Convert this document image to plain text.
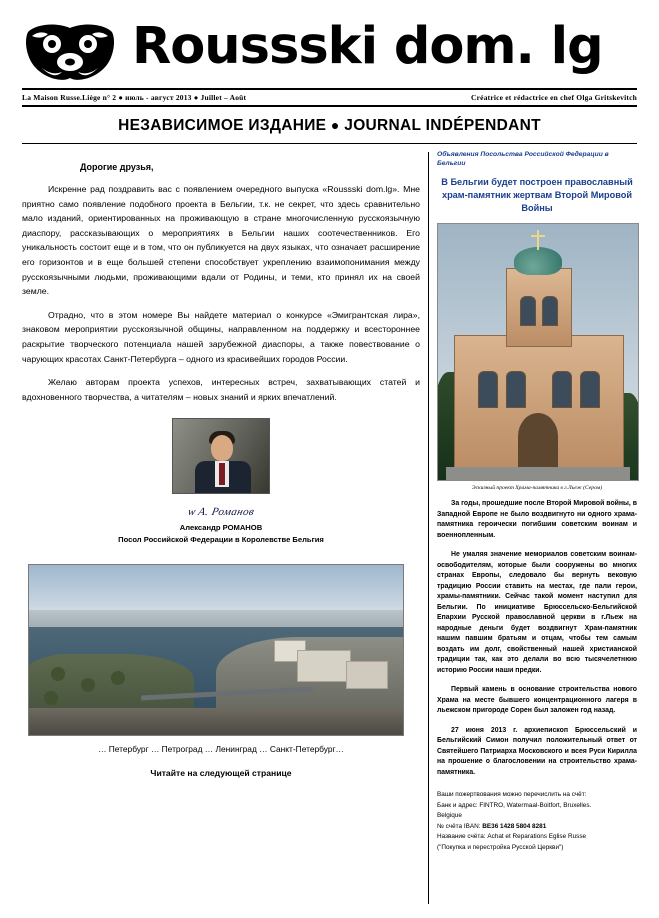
Roussski dom. lg
La Maison Russe.Liège n° 2 ● июль - август 2013 ● Juillet – Août	Créatrice et rédactrice en chef Olga Gritskevitch
НЕЗАВИСИМОЕ ИЗДАНИЕ ● JOURNAL INDÉPENDANT
Дорогие друзья,

Искренне рад поздравить вас с появлением очередного выпуска «Roussski dom.lg». Мне приятно само появление подобного проекта в Бельгии, т.к. не секрет, что здесь сравнительно мало изданий, ориентированных на проживающую в стране многочисленную русскоязычную диаспору, рассказывающих о мероприятиях в Бельгии наших соотечественников. Его уникальность состоит еще и в том, что он публикуется на двух языках, что означает расширение его горизонтов и в еще большей степени способствует укреплению взаимопонимания между русскоязычными людьми, проживающими вдали от Родины, и теми, кто принял их на своей земле.

Отрадно, что в этом номере Вы найдете материал о конкурсе «Эмигрантская лира», знаковом мероприятии русскоязычной общины, направленном на поддержку и всестороннее раскрытие творческого потенциала нашей зарубежной диаспоры, а также повествование о чарующих красотах Санкт-Петербурга – одного из красивейших городов России.

Желаю авторам проекта успехов, интересных встреч, захватывающих статей и вдохновенного творчества, а читателям – новых знаний и ярких впечатлений.

w  А. Романов
Александр РОМАНОВ
Посол Российской Федерации в Королевстве Бельгия
… Петербург … Петроград … Ленинград … Санкт-Петербург…
Читайте на следующей странице
Объявления Посольства Российской Федерации в Бельгии
В Бельгии будет построен православный храм-памятник жертвам Второй Мировой Войны
Эскизный проект Храма-памятника в г.Льеж (Сером)

За годы, прошедшие после Второй Мировой войны, в Западной Европе не было воздвигнуто ни одного храма-памятника героически погибшим советским воинам и военнопленным.

Не умаляя значение мемориалов советским воинам-освободителям, которые были сооружены во многих странах Европы, следовало бы вернуть вековую традицию России ставить на местах, где пали герои, храмы-памятники. Сейчас такой момент наступил для Бельгии. По инициативе Брюссельско-Бельгийской Епархии Русской православной церкви в г.Льеж на народные деньги будет воздвигнут Храм-памятник нашим павшим братьям и отцам, чтобы тем самым воздать им долг, свойственный нашей христианской традиции так, как это делали во всю тысячелетнюю историю России наши предки.

Первый камень в основание строительства нового Храма на месте бывшего концентрационного лагеря в льежском пригороде Сорен был заложен год назад.

27 июня 2013 г. архиепископ Брюссельский и Бельгийский Симон получил положительный ответ от Святейшего Патриарха Московского и всея Руси Кирилла на прошение о благословении на строительство храма-памятника.

Ваши пожертвования можно перечислить на счёт:
Банк и адрес: FINTRO, Watermaal-Boitfort, Bruxelles.
Belgique
№ счёта IBAN: BE36 1428 5804 8281
Название счёта: Achat et Reparations Eglise Russe
("Покупка и перестройка Русской Церкви")
